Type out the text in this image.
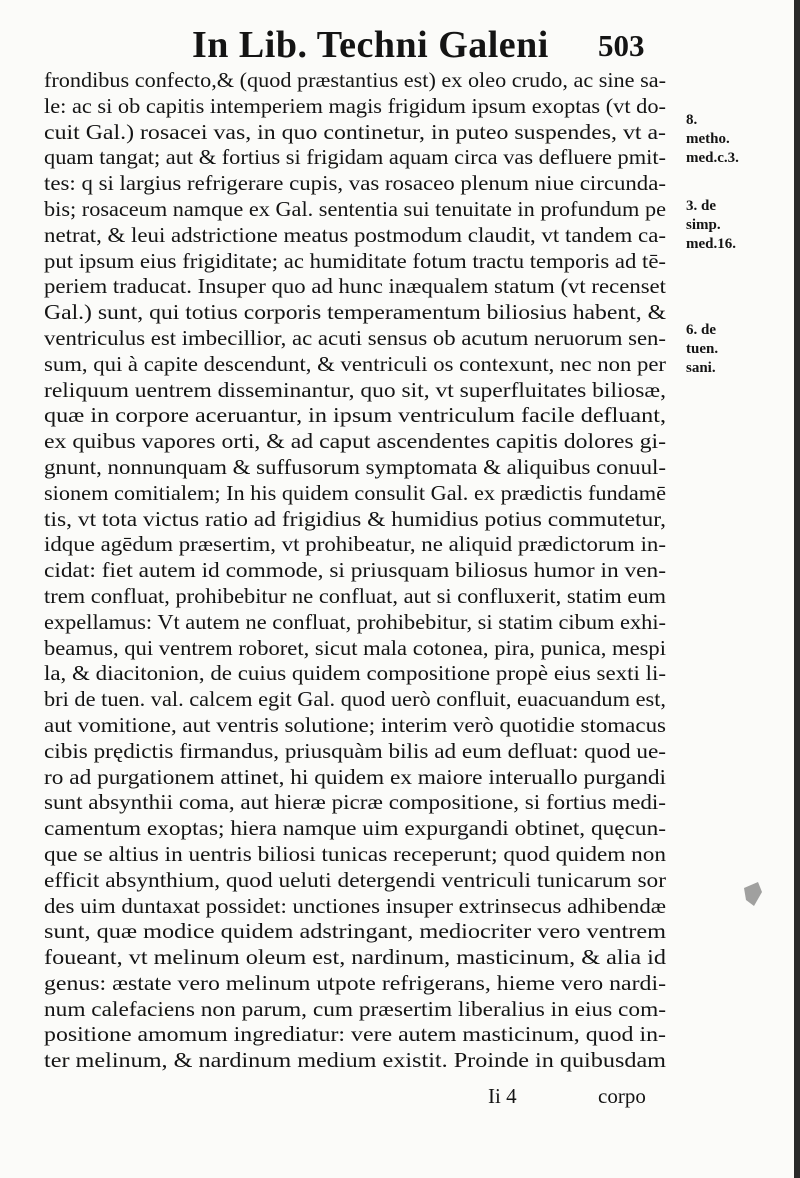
In Lib. Techni Galeni 503
frondibus confecto,& (quod præstantius est) ex oleo crudo, ac sine sa-
le: ac si ob capitis intemperiem magis frigidum ipsum exoptas (vt do-
cuit Gal.) rosacei vas, in quo continetur, in puteo suspendes, vt a-
quam tangat; aut & fortius si frigidam aquam circa vas defluere pmit-
tes: q si largius refrigerare cupis, vas rosaceo plenum niue circunda-
bis; rosaceum namque ex Gal. sententia sui tenuitate in profundum pe
netrat, & leui adstrictione meatus postmodum claudit, vt tandem ca-
put ipsum eius frigiditate; ac humiditate fotum tractu temporis ad tē-
periem traducat. Insuper quo ad hunc inæqualem statum (vt recenset
Gal.) sunt, qui totius corporis temperamentum biliosius habent, &
ventriculus est imbecillior, ac acuti sensus ob acutum neruorum sen-
sum, qui à capite descendunt, & ventriculi os contexunt, nec non per
reliquum uentrem disseminantur, quo sit, vt superfluitates biliosæ,
quæ in corpore aceruantur, in ipsum ventriculum facile defluant,
ex quibus vapores orti, & ad caput ascendentes capitis dolores gi-
gnunt, nonnunquam & suffusorum symptomata & aliquibus conuul-
sionem comitialem; In his quidem consulit Gal. ex prædictis fundamē
tis, vt tota victus ratio ad frigidius & humidius potius commutetur,
idque agēdum præsertim, vt prohibeatur, ne aliquid prædictorum in-
cidat: fiet autem id commode, si priusquam biliosus humor in ven-
trem confluat, prohibebitur ne confluat, aut si confluxerit, statim eum
expellamus: Vt autem ne confluat, prohibebitur, si statim cibum exhi-
beamus, qui ventrem roboret, sicut mala cotonea, pira, punica, mespi
la, & diacitonion, de cuius quidem compositione propè eius sexti li-
bri de tuen. val. calcem egit Gal. quod uerò confluit, euacuandum est,
aut vomitione, aut ventris solutione; interim verò quotidie stomacus
cibis prędictis firmandus, priusquàm bilis ad eum defluat: quod ue-
ro ad purgationem attinet, hi quidem ex maiore interuallo purgandi
sunt absynthii coma, aut hieræ picræ compositione, si fortius medi-
camentum exoptas; hiera namque uim expurgandi obtinet, quęcun-
que se altius in uentris biliosi tunicas receperunt; quod quidem non
efficit absynthium, quod ueluti detergendi ventriculi tunicarum sor
des uim duntaxat possidet: unctiones insuper extrinsecus adhibendæ
sunt, quæ modice quidem adstringant, mediocriter vero ventrem
foueant, vt melinum oleum est, nardinum, masticinum, & alia id
genus: æstate vero melinum utpote refrigerans, hieme vero nardi-
num calefaciens non parum, cum præsertim liberalius in eius com-
positione amomum ingrediatur: vere autem masticinum, quod in-
ter melinum, & nardinum medium existit. Proinde in quibusdam
8. metho.
med.c.3.
3. de simp.
med.16.
6. de tuen.
sani.
Ii 4	corpo
